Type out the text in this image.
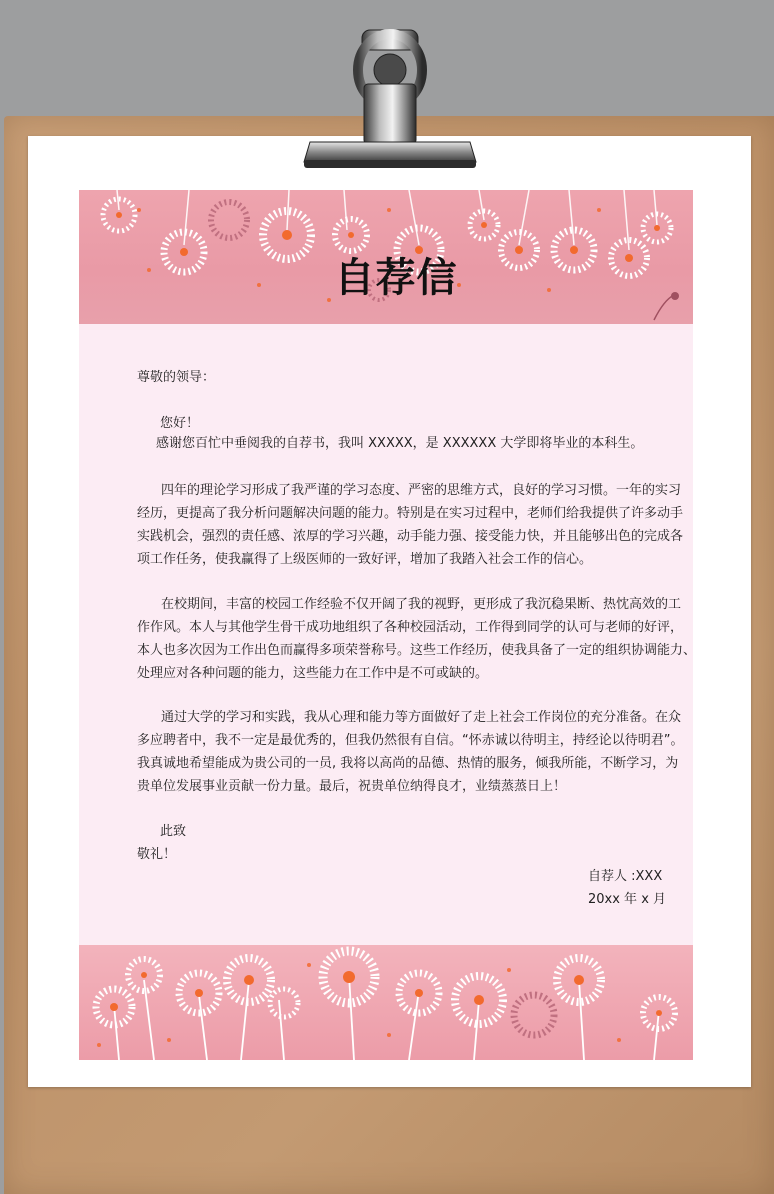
自荐信
尊敬的领导：
您好！
感谢您百忙中垂阅我的自荐书，我叫 XXXXX，是 XXXXXX 大学即将毕业的本科生。
四年的理论学习形成了我严谨的学习态度、严密的思维方式，良好的学习习惯。一年的实习
经历，更提高了我分析问题解决问题的能力。特别是在实习过程中，老师们给我提供了许多动手
实践机会，强烈的责任感、浓厚的学习兴趣，动手能力强、接受能力快，并且能够出色的完成各
项工作任务，使我赢得了上级医师的一致好评，增加了我踏入社会工作的信心。
在校期间，丰富的校园工作经验不仅开阔了我的视野，更形成了我沉稳果断、热忱高效的工
作作风。本人与其他学生骨干成功地组织了各种校园活动，工作得到同学的认可与老师的好评，
本人也多次因为工作出色而赢得多项荣誉称号。这些工作经历，使我具备了一定的组织协调能力、
处理应对各种问题的能力，这些能力在工作中是不可或缺的。
通过大学的学习和实践，我从心理和能力等方面做好了走上社会工作岗位的充分准备。在众
多应聘者中，我不一定是最优秀的，但我仍然很有自信。“怀赤诚以待明主，持经论以待明君”。
我真诚地希望能成为贵公司的一员, 我将以高尚的品德、热情的服务，倾我所能，不断学习，为
贵单位发展事业贡献一份力量。最后，祝贵单位纳得良才，业绩蒸蒸日上！
此致
敬礼！
自荐人 :XXX
20xx 年 x 月
